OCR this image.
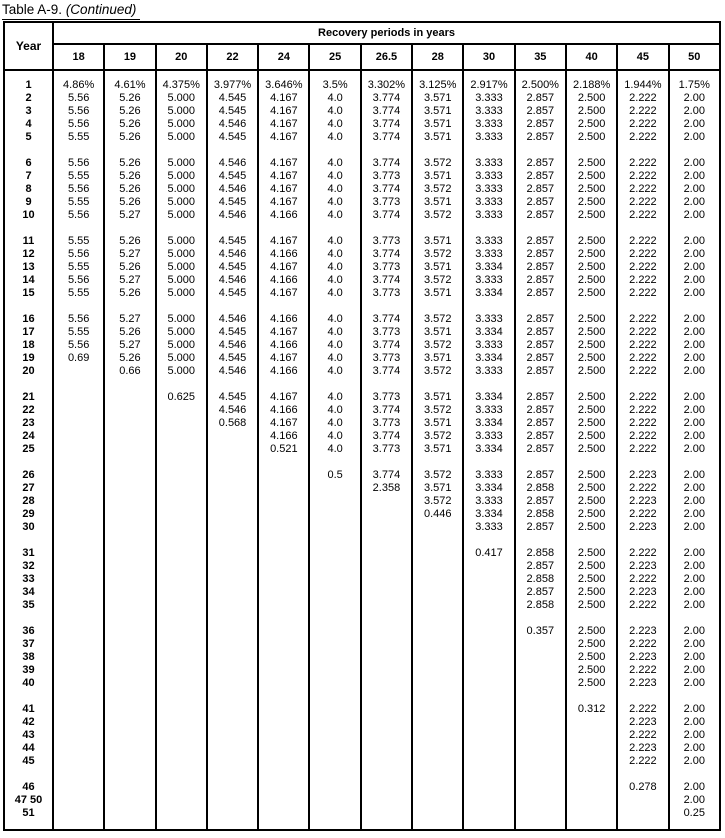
Table A-9. (Continued)
Year	Recovery periods in years												
	18	19	20	22	24	25	26.5	28	30	35	40	45	50

1	4.86%	4.61%	4.375%	3.977%	3.646%	3.5%	3.302%	3.125%	2.917%	2.500%	2.188%	1.944%	1.75%
2	5.56	5.26	5.000	4.545	4.167	4.0	3.774	3.571	3.333	2.857	2.500	2.222	2.00
3	5.56	5.26	5.000	4.545	4.167	4.0	3.774	3.571	3.333	2.857	2.500	2.222	2.00
4	5.56	5.26	5.000	4.546	4.167	4.0	3.774	3.571	3.333	2.857	2.500	2.222	2.00
5	5.55	5.26	5.000	4.545	4.167	4.0	3.774	3.571	3.333	2.857	2.500	2.222	2.00

6	5.56	5.26	5.000	4.546	4.167	4.0	3.774	3.572	3.333	2.857	2.500	2.222	2.00
7	5.55	5.26	5.000	4.545	4.167	4.0	3.773	3.571	3.333	2.857	2.500	2.222	2.00
8	5.56	5.26	5.000	4.546	4.167	4.0	3.774	3.572	3.333	2.857	2.500	2.222	2.00
9	5.55	5.26	5.000	4.545	4.167	4.0	3.773	3.571	3.333	2.857	2.500	2.222	2.00
10	5.56	5.27	5.000	4.546	4.166	4.0	3.774	3.572	3.333	2.857	2.500	2.222	2.00

11	5.55	5.26	5.000	4.545	4.167	4.0	3.773	3.571	3.333	2.857	2.500	2.222	2.00
12	5.56	5.27	5.000	4.546	4.166	4.0	3.774	3.572	3.333	2.857	2.500	2.222	2.00
13	5.55	5.26	5.000	4.545	4.167	4.0	3.773	3.571	3.334	2.857	2.500	2.222	2.00
14	5.56	5.27	5.000	4.546	4.166	4.0	3.774	3.572	3.333	2.857	2.500	2.222	2.00
15	5.55	5.26	5.000	4.545	4.167	4.0	3.773	3.571	3.334	2.857	2.500	2.222	2.00

16	5.56	5.27	5.000	4.546	4.166	4.0	3.774	3.572	3.333	2.857	2.500	2.222	2.00
17	5.55	5.26	5.000	4.545	4.167	4.0	3.773	3.571	3.334	2.857	2.500	2.222	2.00
18	5.56	5.27	5.000	4.546	4.166	4.0	3.774	3.572	3.333	2.857	2.500	2.222	2.00
19	0.69	5.26	5.000	4.545	4.167	4.0	3.773	3.571	3.334	2.857	2.500	2.222	2.00
20		0.66	5.000	4.546	4.166	4.0	3.774	3.572	3.333	2.857	2.500	2.222	2.00

21			0.625	4.545	4.167	4.0	3.773	3.571	3.334	2.857	2.500	2.222	2.00
22				4.546	4.166	4.0	3.774	3.572	3.333	2.857	2.500	2.222	2.00
23				0.568	4.167	4.0	3.773	3.571	3.334	2.857	2.500	2.222	2.00
24					4.166	4.0	3.774	3.572	3.333	2.857	2.500	2.222	2.00
25					0.521	4.0	3.773	3.571	3.334	2.857	2.500	2.222	2.00

26						0.5	3.774	3.572	3.333	2.857	2.500	2.223	2.00
27							2.358	3.571	3.334	2.858	2.500	2.222	2.00
28								3.572	3.333	2.857	2.500	2.223	2.00
29								0.446	3.334	2.858	2.500	2.222	2.00
30									3.333	2.857	2.500	2.223	2.00

31									0.417	2.858	2.500	2.222	2.00
32										2.857	2.500	2.223	2.00
33										2.858	2.500	2.222	2.00
34										2.857	2.500	2.223	2.00
35										2.858	2.500	2.222	2.00

36										0.357	2.500	2.223	2.00
37											2.500	2.222	2.00
38											2.500	2.223	2.00
39											2.500	2.222	2.00
40											2.500	2.223	2.00

41											0.312	2.222	2.00
42												2.223	2.00
43												2.222	2.00
44												2.223	2.00
45												2.222	2.00

46												0.278	2.00
47 50													2.00
51													0.25
